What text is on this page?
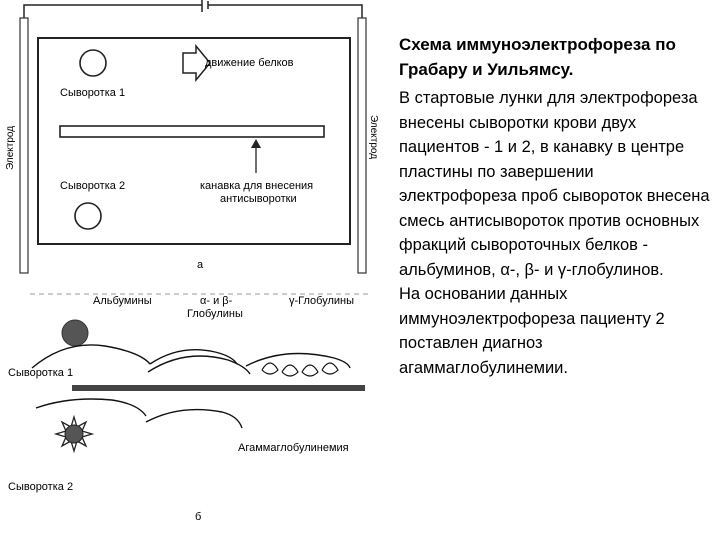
Электрод	Электрод
Сыворотка 1
движение белков
канавка для внесения
антисыворотки
Сыворотка 2
а
Альбумины	α- и β-
Глобулины
γ-Глобулины
Сыворотка 1
Агаммаглобулинемия
Сыворотка 2
б

Схема иммуноэлектрофореза по Грабару и Уильямсу.

В стартовые лунки для электрофореза внесены сыворотки крови двух пациентов - 1 и 2, в канавку в центре пластины по завершении электрофореза проб сывороток внесена смесь антисывороток против основных фракций сывороточных белков - альбуминов, α-, β- и γ-глобулинов.

На основании данных иммуноэлектрофореза пациенту 2 поставлен диагноз агаммаглобулинемии.
